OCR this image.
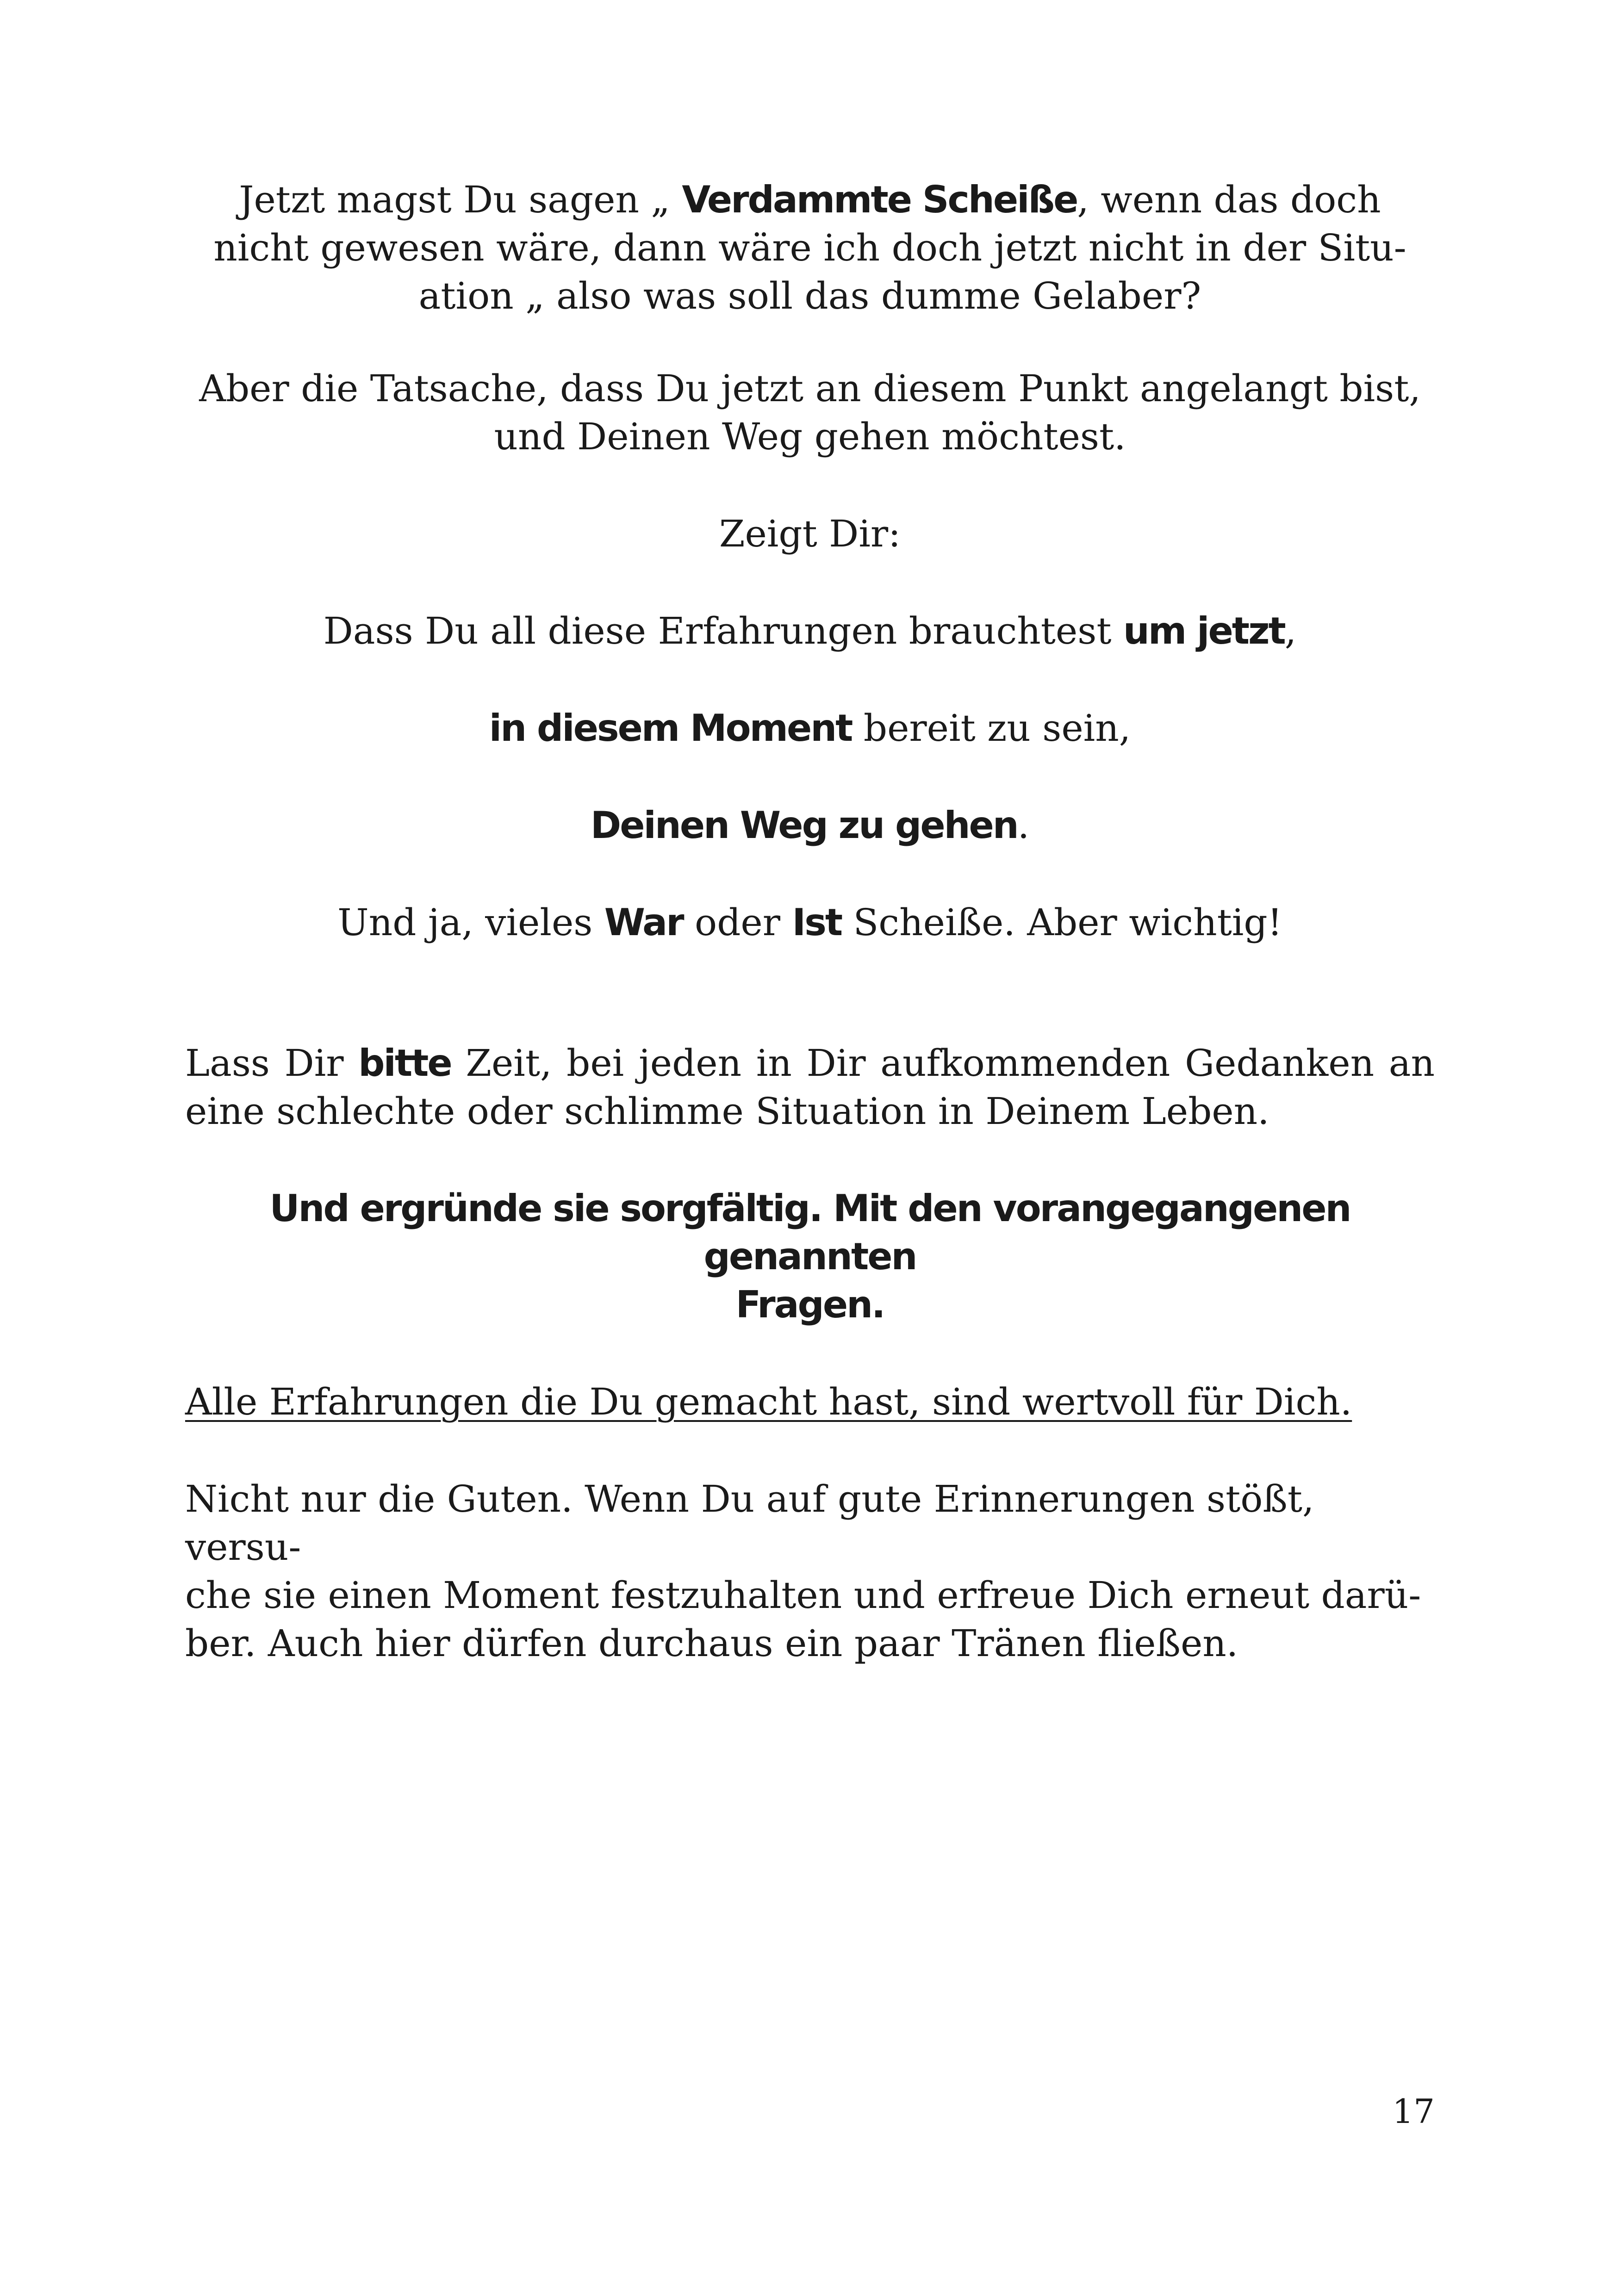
Jetzt magst Du sagen „ Verdammte Scheiße, wenn das doch
nicht gewesen wäre, dann wäre ich doch jetzt nicht in der Situ-
ation „ also was soll das dumme Gelaber?

Aber die Tatsache, dass Du jetzt an diesem Punkt angelangt bist,
und Deinen Weg gehen möchtest.

Zeigt Dir:

Dass Du all diese Erfahrungen brauchtest um jetzt,

in diesem Moment bereit zu sein,

Deinen Weg zu gehen.

Und ja, vieles War oder Ist Scheiße. Aber wichtig!

Lass Dir bitte Zeit, bei jeden in Dir aufkommenden Gedanken an eine schlechte oder schlimme Situation in Deinem Leben.

Und ergründe sie sorgfältig. Mit den vorangegangenen genannten
Fragen.

Alle Erfahrungen die Du gemacht hast, sind wertvoll für Dich.

Nicht nur die Guten. Wenn Du auf gute Erinnerungen stößt, versu-
che sie einen Moment festzuhalten und erfreue Dich erneut darü-
ber. Auch hier dürfen durchaus ein paar Tränen fließen.

17
